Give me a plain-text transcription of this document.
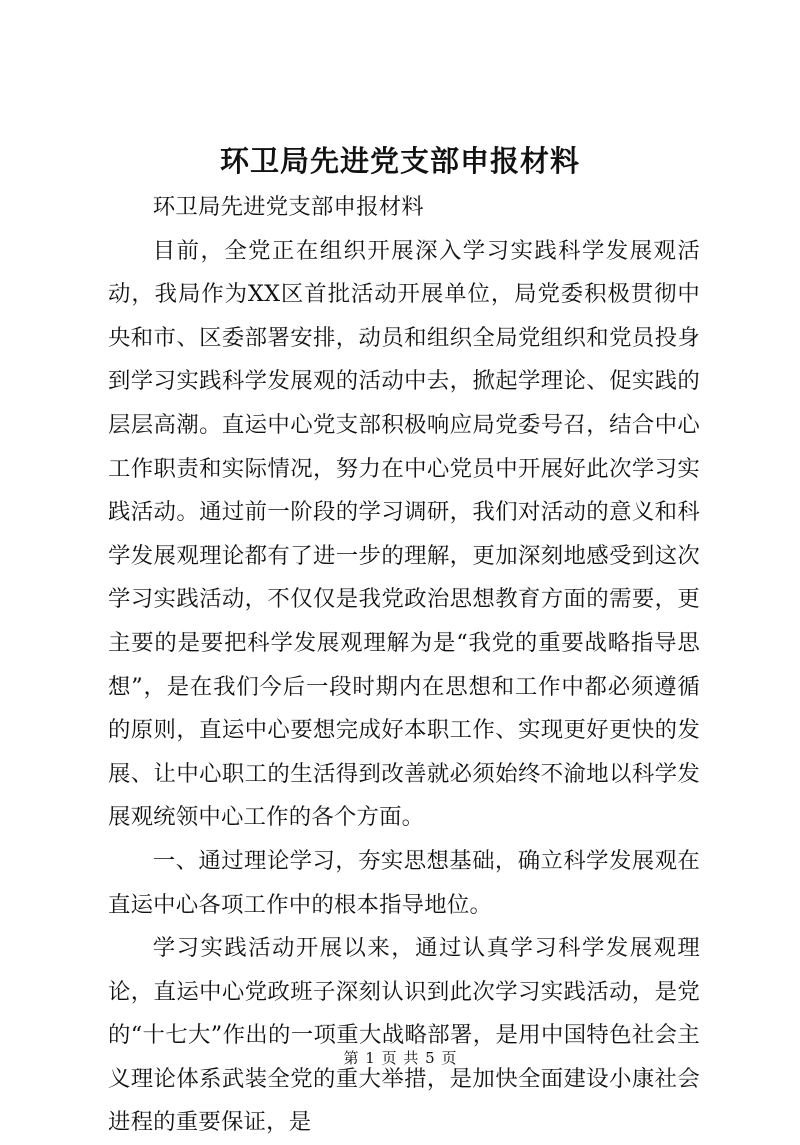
环卫局先进党支部申报材料

环卫局先进党支部申报材料

目前，全党正在组织开展深入学习实践科学发展观活动，我局作为XX区首批活动开展单位，局党委积极贯彻中央和市、区委部署安排，动员和组织全局党组织和党员投身到学习实践科学发展观的活动中去，掀起学理论、促实践的层层高潮。直运中心党支部积极响应局党委号召，结合中心工作职责和实际情况，努力在中心党员中开展好此次学习实践活动。通过前一阶段的学习调研，我们对活动的意义和科学发展观理论都有了进一步的理解，更加深刻地感受到这次学习实践活动，不仅仅是我党政治思想教育方面的需要，更主要的是要把科学发展观理解为是“我党的重要战略指导思想”，是在我们今后一段时期内在思想和工作中都必须遵循的原则，直运中心要想完成好本职工作、实现更好更快的发展、让中心职工的生活得到改善就必须始终不渝地以科学发展观统领中心工作的各个方面。

一、通过理论学习，夯实思想基础，确立科学发展观在直运中心各项工作中的根本指导地位。

学习实践活动开展以来，通过认真学习科学发展观理论，直运中心党政班子深刻认识到此次学习实践活动，是党的“十七大”作出的一项重大战略部署，是用中国特色社会主义理论体系武装全党的重大举措，是加快全面建设小康社会进程的重要保证，是

第 1 页 共 5 页
